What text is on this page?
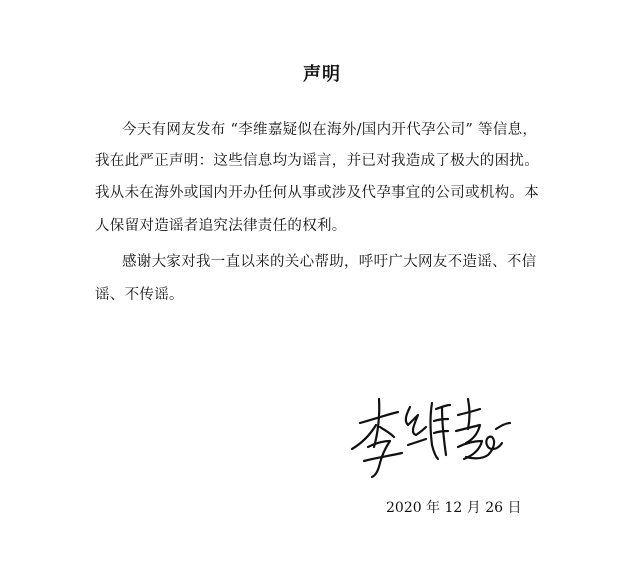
声明
今天有网友发布 “李维嘉疑似在海外/国内开代孕公司” 等信息，
我在此严正声明：这些信息均为谣言，并已对我造成了极大的困扰。
我从未在海外或国内开办任何从事或涉及代孕事宜的公司或机构。本
人保留对造谣者追究法律责任的权利。
感谢大家对我一直以来的关心帮助，呼吁广大网友不造谣、不信
谣、不传谣。
2020 年 12 月 26 日
